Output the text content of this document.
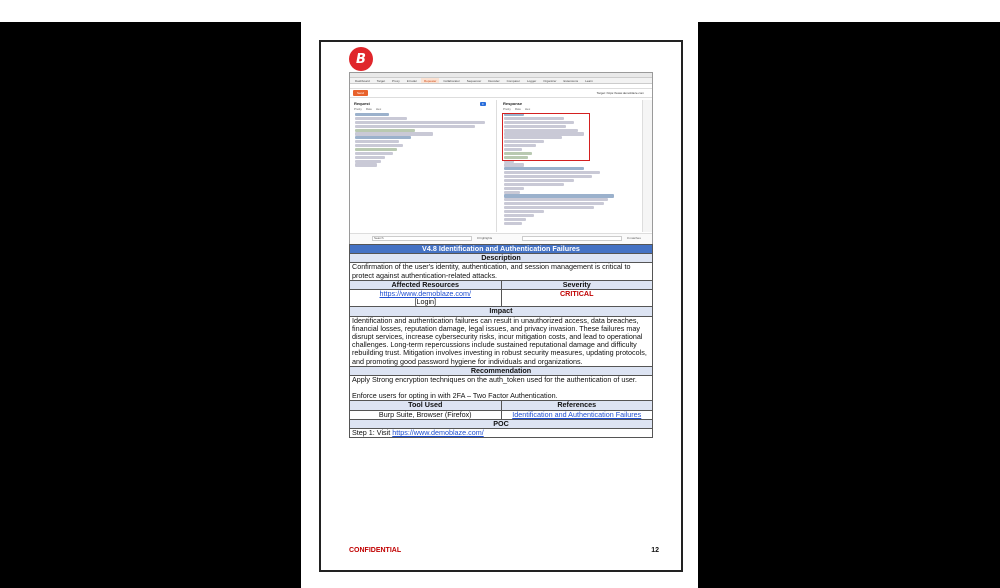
B
Dashboard	Target	Proxy	Intruder	Repeater	Collaborator	Sequencer	Decoder	Comparer	Logger	Organizer	Extensions	Learn
Send	Target: https://www.demoblaze.com
Request
Pretty Raw Hex
≡	Response
Pretty Raw Hex
Search	0 highlights	0 matches
V4.8 Identification and Authentication Failures	
Description	
Confirmation of the user's identity, authentication, and session management is critical to protect against authentication-related attacks.	
Affected Resources	Severity
https://www.demoblaze.com/
[Login]	CRITICAL
Impact	
Identification and authentication failures can result in unauthorized access, data breaches, financial losses, reputation damage, legal issues, and privacy invasion. These failures may disrupt services, increase cybersecurity risks, incur mitigation costs, and lead to operational challenges. Long-term repercussions include sustained reputational damage and difficulty rebuilding trust. Mitigation involves investing in robust security measures, updating protocols, and promoting good password hygiene for individuals and organizations.	
Recommendation	

Apply Strong encryption techniques on the auth_token used for the authentication of user.
Enforce users for opting in with 2FA – Two Factor Authentication.	

Tool Used	References
Burp Suite, Browser (Firefox)	Identification and Authentication Failures
POC	
Step 1: Visit https://www.demoblaze.com/	
CONFIDENTIAL	12
